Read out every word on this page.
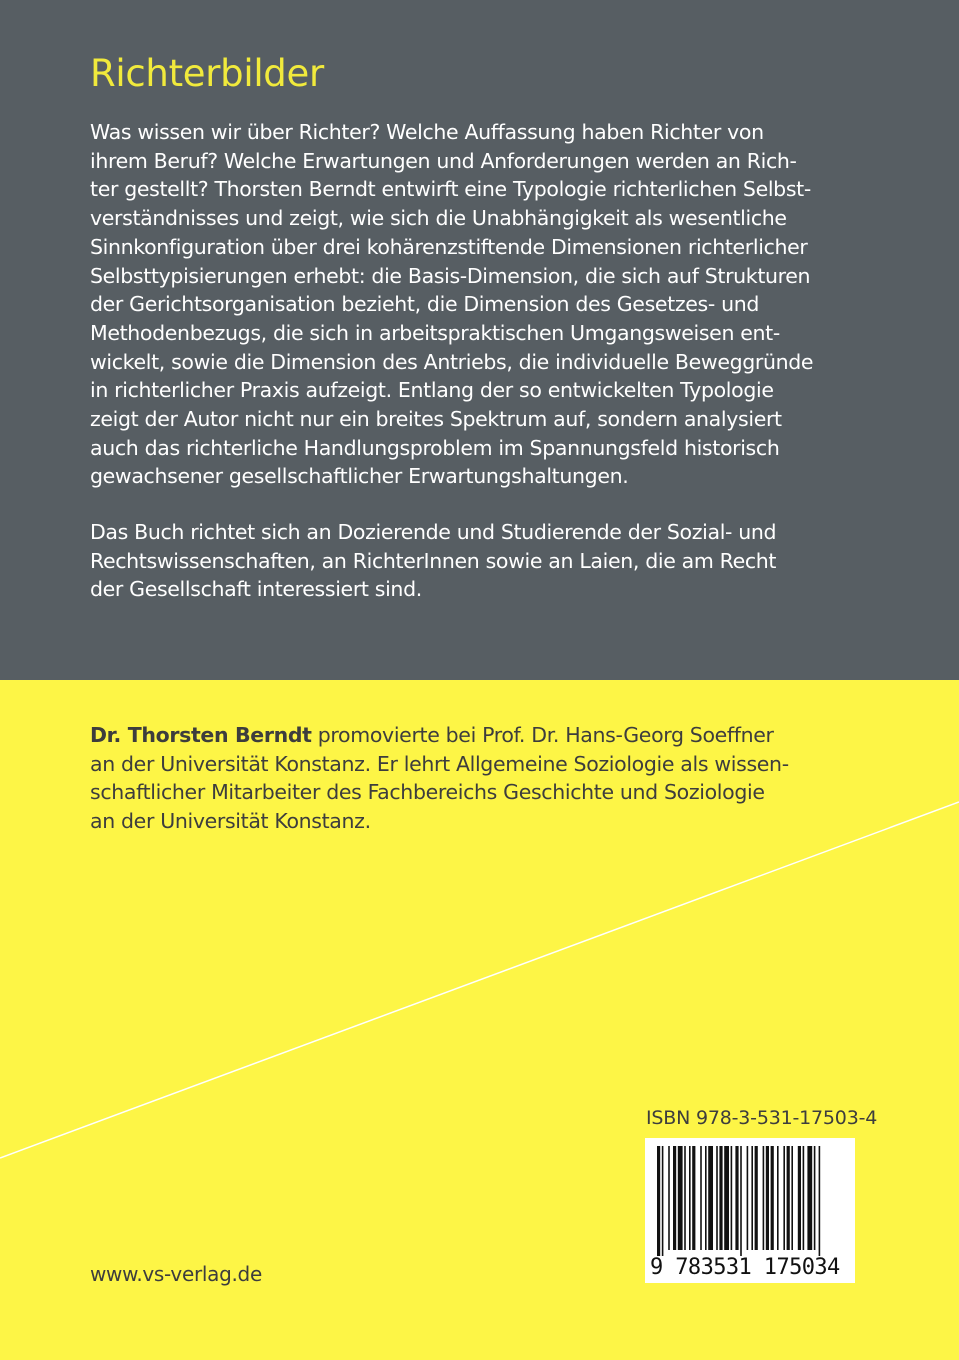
Richterbilder
Was wissen wir über Richter? Welche Auffassung haben Richter von
ihrem Beruf? Welche Erwartungen und Anforderungen werden an Rich-
ter gestellt? Thorsten Berndt entwirft eine Typologie richterlichen Selbst-
verständnisses und zeigt, wie sich die Unabhängigkeit als wesentliche
Sinnkonfiguration über drei kohärenzstiftende Dimensionen richterlicher
Selbsttypisierungen erhebt: die Basis-Dimension, die sich auf Strukturen
der Gerichtsorganisation bezieht, die Dimension des Gesetzes- und
Methodenbezugs, die sich in arbeitspraktischen Umgangsweisen ent-
wickelt, sowie die Dimension des Antriebs, die individuelle Beweggründe
in richterlicher Praxis aufzeigt. Entlang der so entwickelten Typologie
zeigt der Autor nicht nur ein breites Spektrum auf, sondern analysiert
auch das richterliche Handlungsproblem im Spannungsfeld historisch
gewachsener gesellschaftlicher Erwartungshaltungen.
Das Buch richtet sich an Dozierende und Studierende der Sozial- und
Rechtswissenschaften, an RichterInnen sowie an Laien, die am Recht
der Gesellschaft interessiert sind.
Dr. Thorsten Berndt promovierte bei Prof. Dr. Hans-Georg Soeffner
an der Universität Konstanz. Er lehrt Allgemeine Soziologie als wissen-
schaftlicher Mitarbeiter des Fachbereichs Geschichte und Soziologie
an der Universität Konstanz.
ISBN 978-3-531-17503-4
9 783531 175034
www.vs-verlag.de
